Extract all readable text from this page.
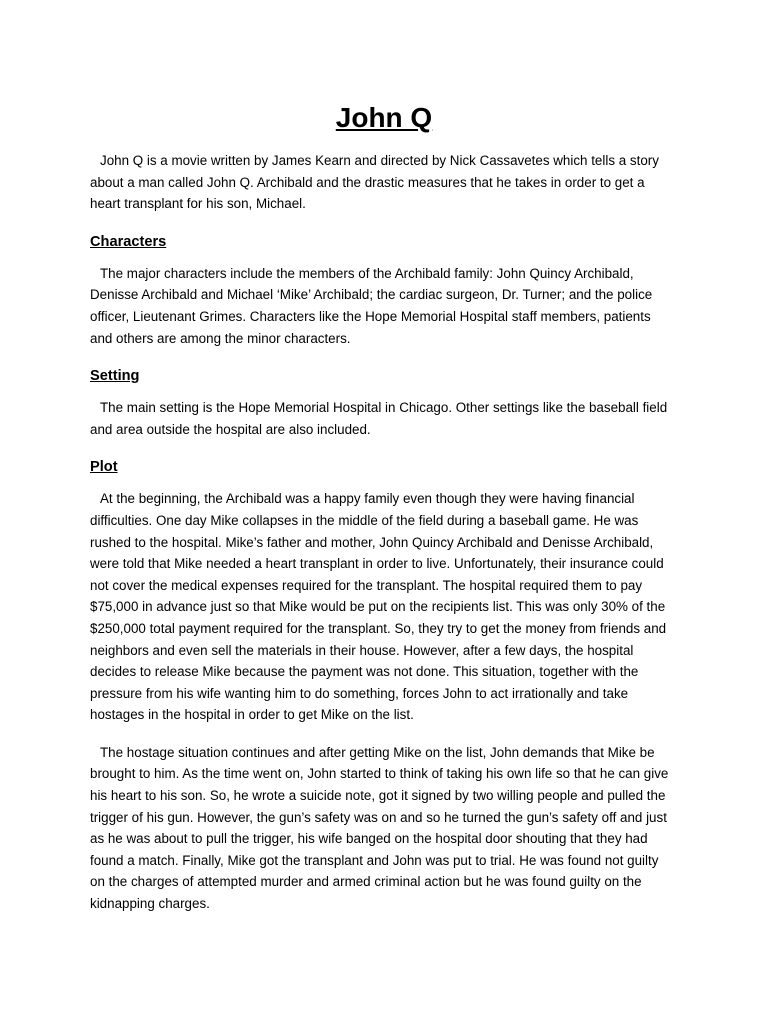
John Q

John Q is a movie written by James Kearn and directed by Nick Cassavetes which tells a story about a man called John Q. Archibald and the drastic measures that he takes in order to get a heart transplant for his son, Michael.

Characters

The major characters include the members of the Archibald family: John Quincy Archibald, Denisse Archibald and Michael ‘Mike’ Archibald; the cardiac surgeon, Dr. Turner; and the police officer, Lieutenant Grimes. Characters like the Hope Memorial Hospital staff members, patients and others are among the minor characters.

Setting

The main setting is the Hope Memorial Hospital in Chicago. Other settings like the baseball field and area outside the hospital are also included.

Plot

At the beginning, the Archibald was a happy family even though they were having financial difficulties. One day Mike collapses in the middle of the field during a baseball game. He was rushed to the hospital. Mike’s father and mother, John Quincy Archibald and Denisse Archibald, were told that Mike needed a heart transplant in order to live. Unfortunately, their insurance could not cover the medical expenses required for the transplant. The hospital required them to pay $75,000 in advance just so that Mike would be put on the recipients list. This was only 30% of the $250,000 total payment required for the transplant. So, they try to get the money from friends and neighbors and even sell the materials in their house. However, after a few days, the hospital decides to release Mike because the payment was not done. This situation, together with the pressure from his wife wanting him to do something, forces John to act irrationally and take hostages in the hospital in order to get Mike on the list.

The hostage situation continues and after getting Mike on the list, John demands that Mike be brought to him. As the time went on, John started to think of taking his own life so that he can give his heart to his son. So, he wrote a suicide note, got it signed by two willing people and pulled the trigger of his gun. However, the gun’s safety was on and so he turned the gun’s safety off and just as he was about to pull the trigger, his wife banged on the hospital door shouting that they had found a match. Finally, Mike got the transplant and John was put to trial. He was found not guilty on the charges of attempted murder and armed criminal action but he was found guilty on the kidnapping charges.
